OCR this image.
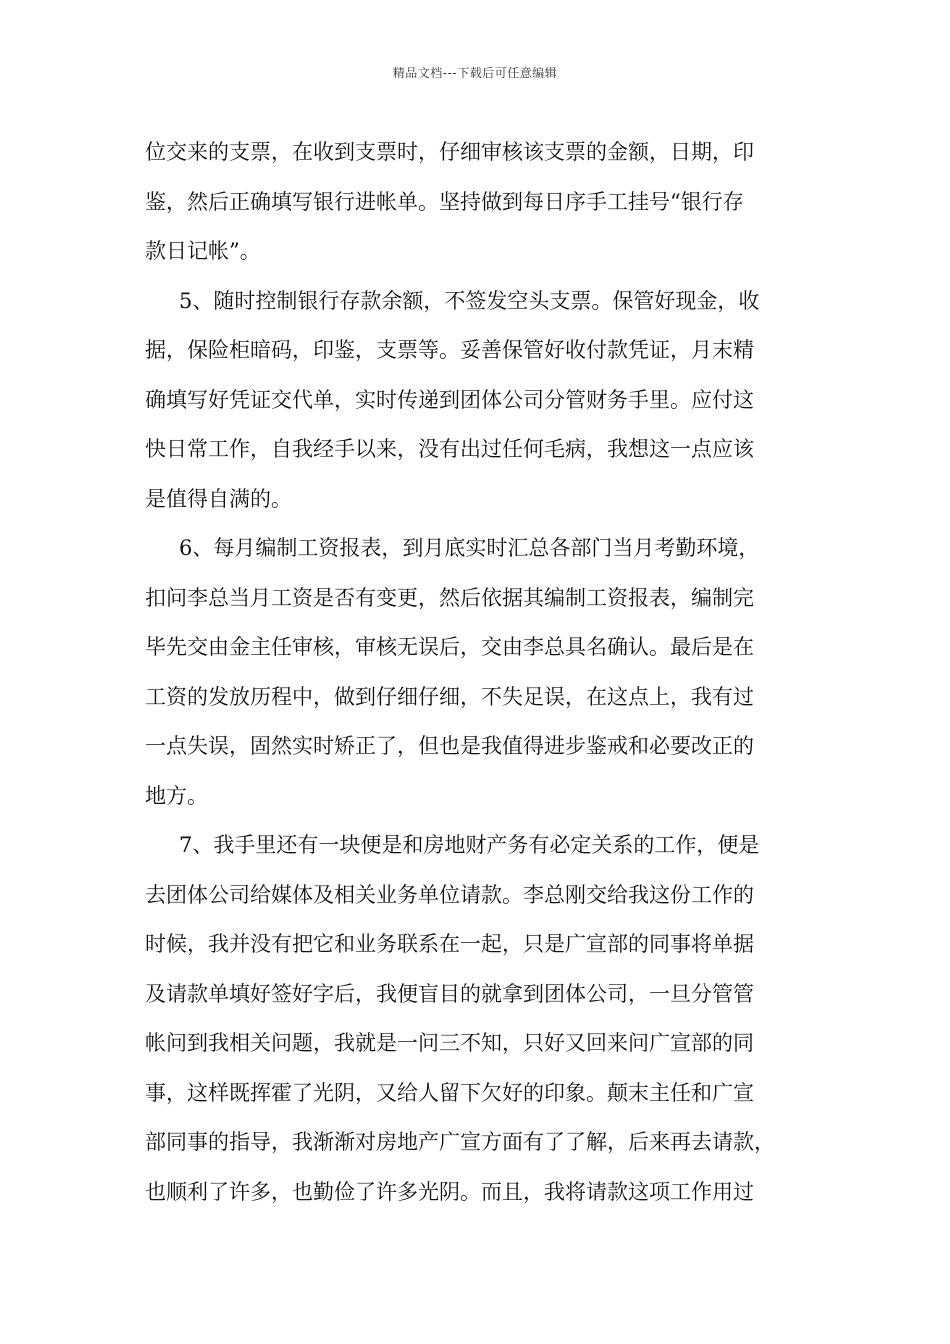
精品文档---下载后可任意编辑
位交来的支票，在收到支票时，仔细审核该支票的金额，日期，印
鉴，然后正确填写银行进帐单。坚持做到每日序手工挂号“银行存
款日记帐”。
5、随时控制银行存款余额，不签发空头支票。保管好现金，收
据，保险柜暗码，印鉴，支票等。妥善保管好收付款凭证，月末精
确填写好凭证交代单，实时传递到团体公司分管财务手里。应付这
快日常工作，自我经手以来，没有出过任何毛病，我想这一点应该
是值得自满的。
6、每月编制工资报表，到月底实时汇总各部门当月考勤环境，
扣问李总当月工资是否有变更，然后依据其编制工资报表，编制完
毕先交由金主任审核，审核无误后，交由李总具名确认。最后是在
工资的发放历程中，做到仔细仔细，不失足误，在这点上，我有过
一点失误，固然实时矫正了，但也是我值得进步鉴戒和必要改正的
地方。
7、我手里还有一块便是和房地财产务有必定关系的工作，便是
去团体公司给媒体及相关业务单位请款。李总刚交给我这份工作的
时候，我并没有把它和业务联系在一起，只是广宣部的同事将单据
及请款单填好签好字后，我便盲目的就拿到团体公司，一旦分管管
帐问到我相关问题，我就是一问三不知，只好又回来问广宣部的同
事，这样既挥霍了光阴，又给人留下欠好的印象。颠末主任和广宣
部同事的指导，我渐渐对房地产广宣方面有了了解，后来再去请款，
也顺利了许多，也勤俭了许多光阴。而且，我将请款这项工作用过
